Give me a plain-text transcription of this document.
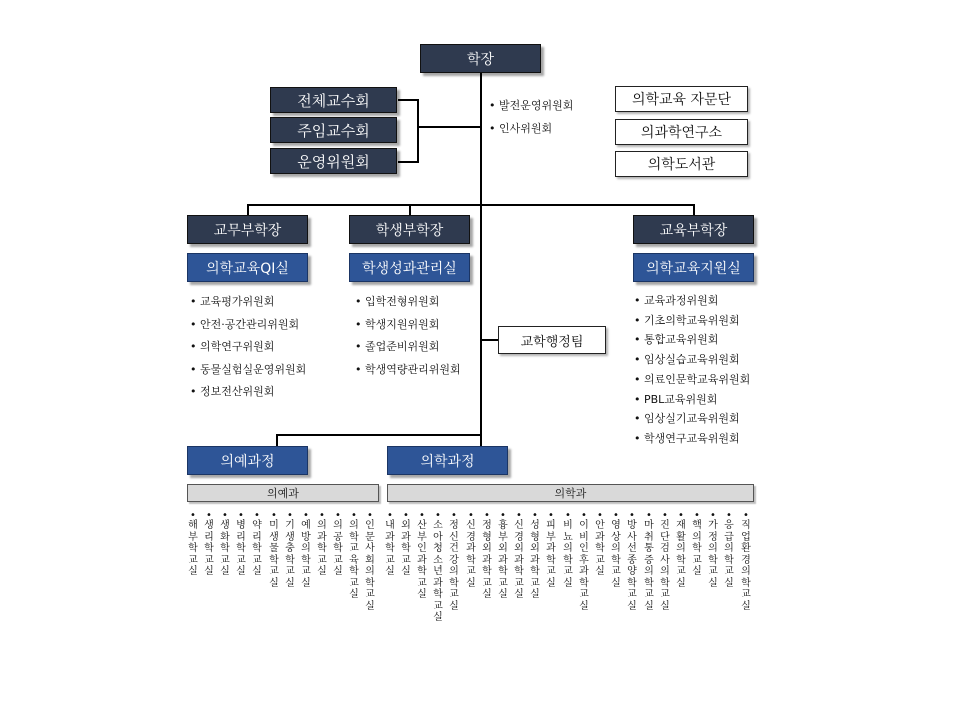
학장
전체교수회
주임교수회
운영위원회
• 발전운영위원회
• 인사위원회
의학교육 자문단
의과학연구소
의학도서관
교무부학장	학생부학장	교육부학장
의학교육QI실	학생성과관리실	의학교육지원실
• 교육평가위원회
• 안전·공간관리위원회
• 의학연구위원회
• 동물실험실운영위원회
• 정보전산위원회
• 입학전형위원회
• 학생지원위원회
• 졸업준비위원회
• 학생역량관리위원회
• 교육과정위원회
• 기초의학교육위원회
• 통합교육위원회
• 임상실습교육위원회
• 의료인문학교육위원회
• PBL교육위원회
• 임상실기교육위원회
• 학생연구교육위원회
교학행정팀
의예과정	의학과정
의예과	의학과
•
해부학교실
•
생리학교실
•
생화학교실
•
병리학교실
•
약리학교실
•
미생물학교실
•
기생충학교실
•
예방의학교실
•
의과학교실
•
의공학교실
•
의학교육학교실
•
인문사회의학교실
•
내과학교실
•
외과학교실
•
산부인과학교실
•
소아청소년과학교실
•
정신건강의학교실
•
신경과학교실
•
정형외과학교실
•
흉부외과학교실
•
신경외과학교실
•
성형외과학교실
•
피부과학교실
•
비뇨의학교실
•
이비인후과학교실
•
안과학교실
•
영상의학교실
•
방사선종양학교실
•
마취통증의학교실
•
진단검사의학교실
•
재활의학교실
•
핵의학교실
•
가정의학교실
•
응급의학교실
•
직업환경의학교실
